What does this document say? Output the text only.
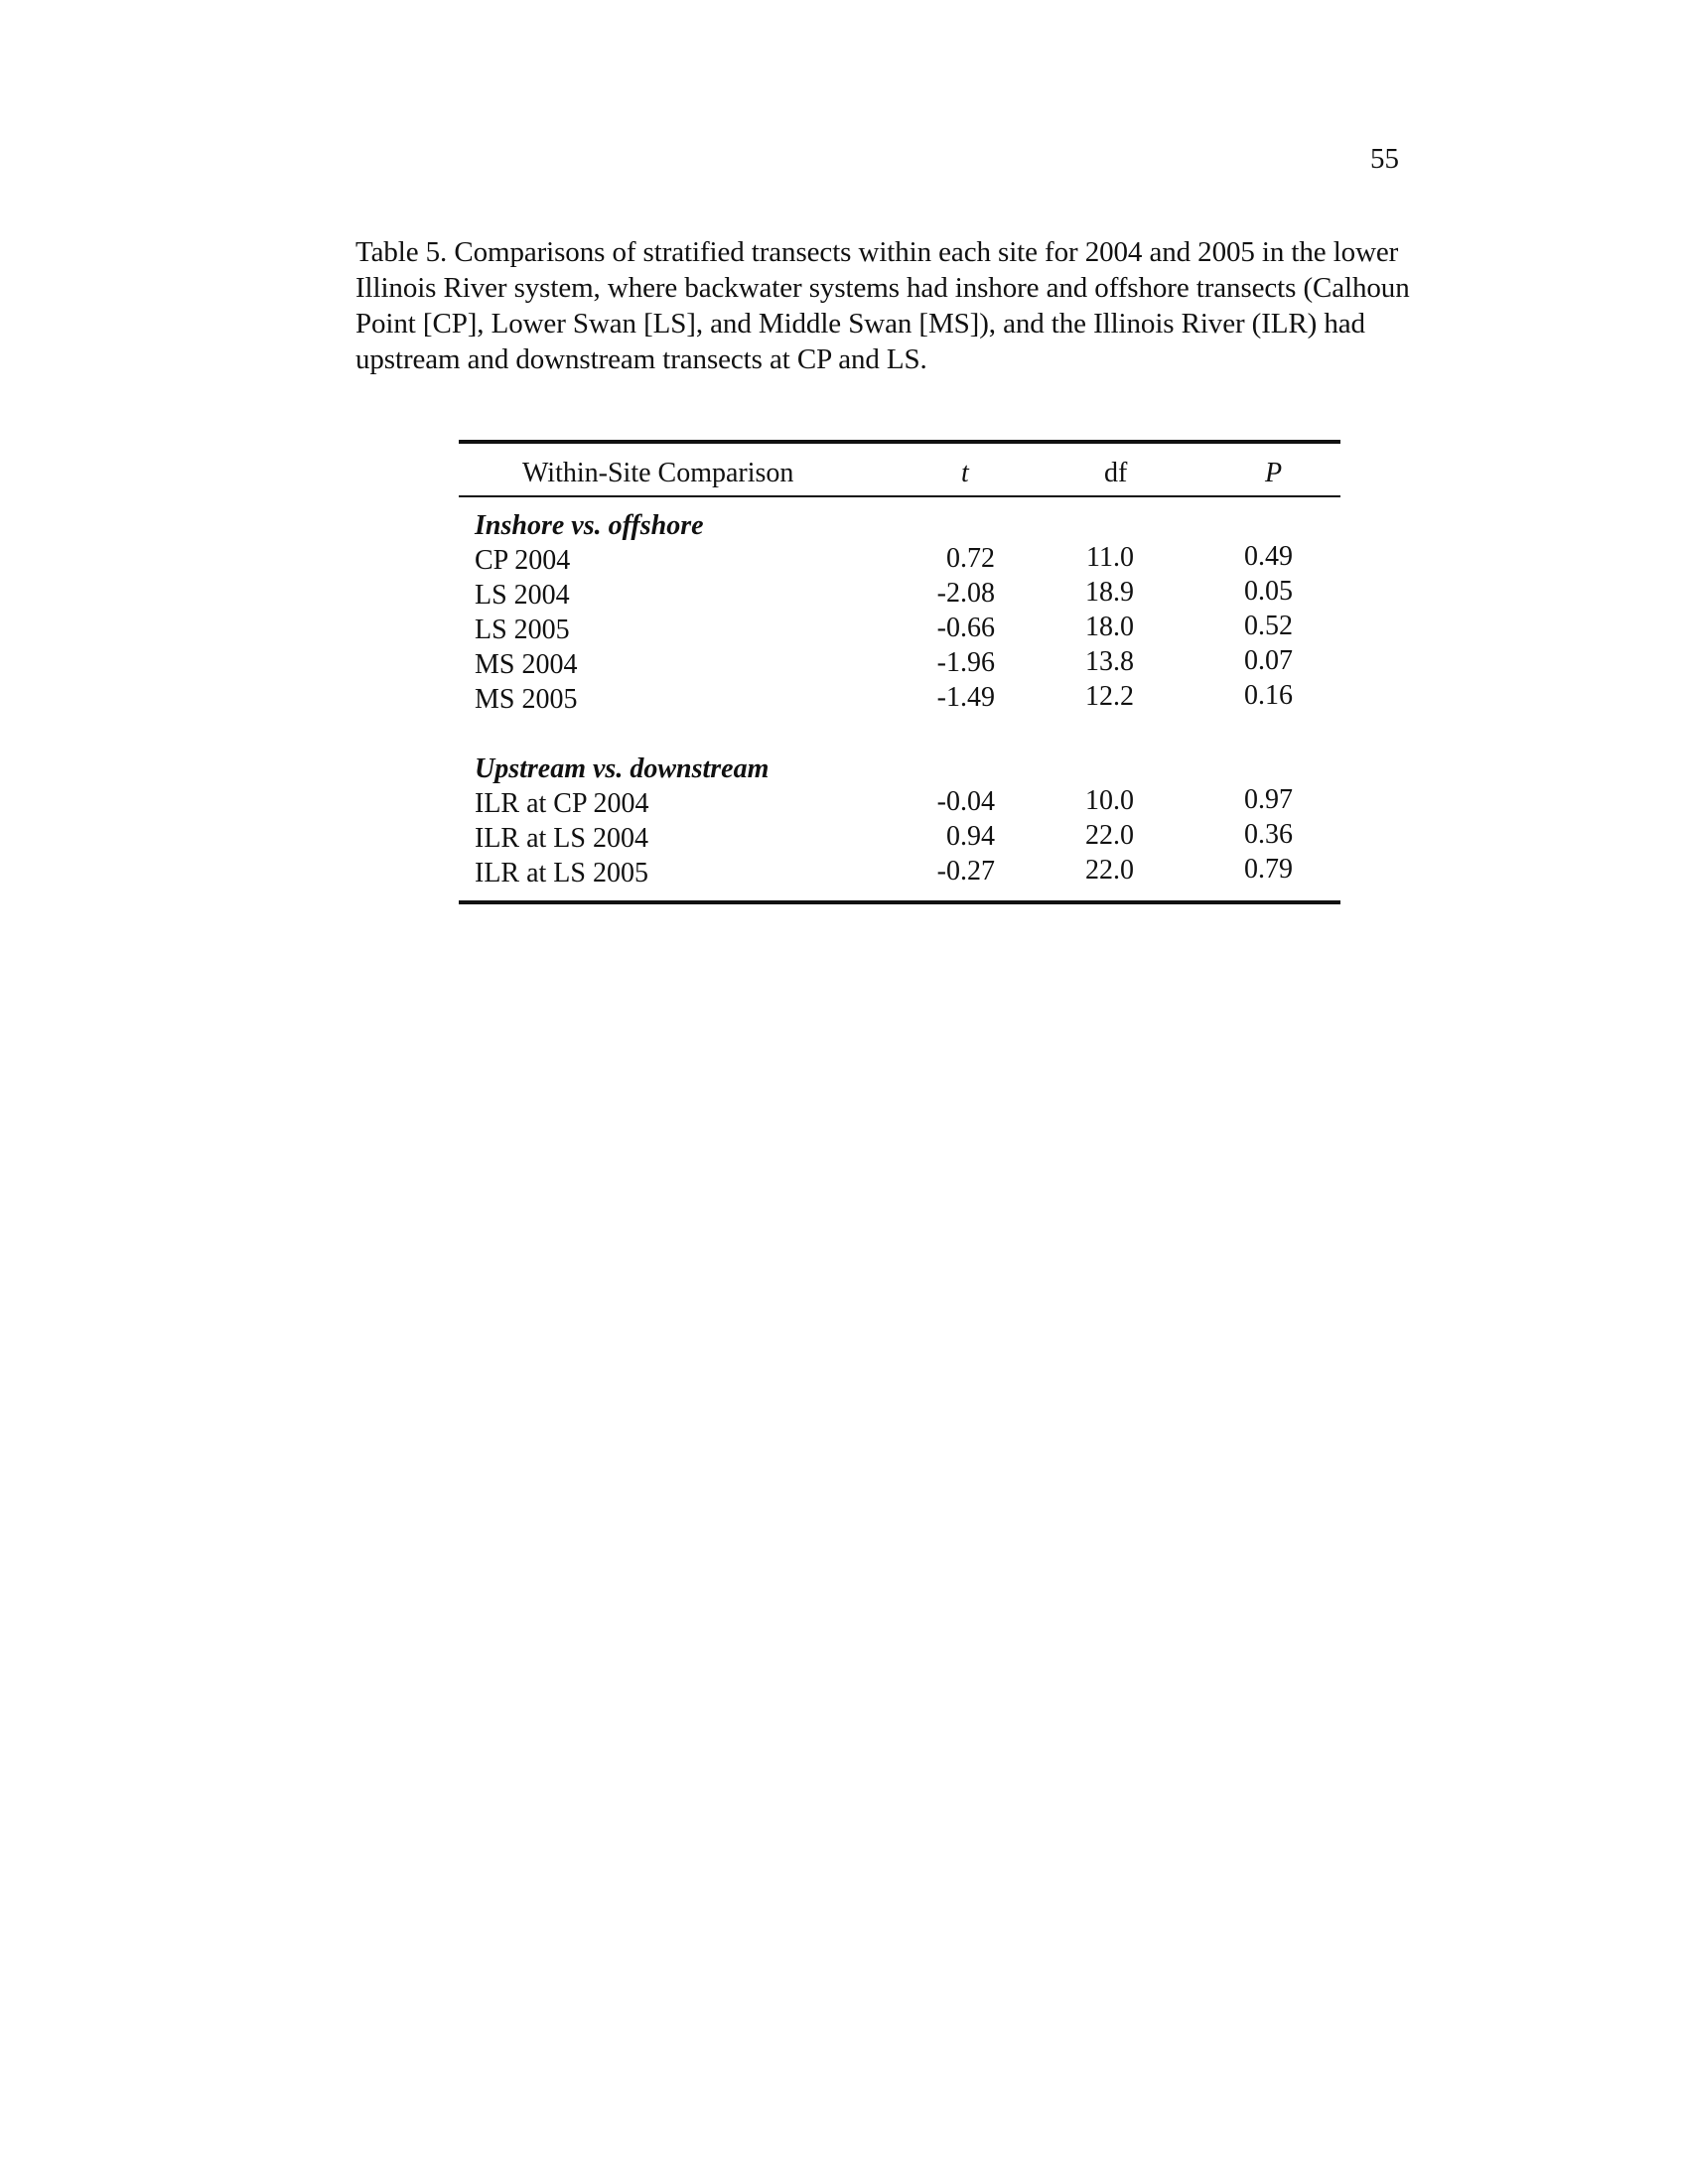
55
Table 5. Comparisons of stratified transects within each site for 2004 and 2005 in the lower Illinois River system, where backwater systems had inshore and offshore transects (Calhoun Point [CP], Lower Swan [LS], and Middle Swan [MS]), and the Illinois River (ILR) had upstream and downstream transects at CP and LS.
Within-Site Comparison	t	df	P
Inshore vs. offshore
CP 2004	0.72	11.0	0.49
LS 2004	-2.08	18.9	0.05
LS 2005	-0.66	18.0	0.52
MS 2004	-1.96	13.8	0.07
MS 2005	-1.49	12.2	0.16
Upstream vs. downstream
ILR at CP 2004	-0.04	10.0	0.97
ILR at LS 2004	0.94	22.0	0.36
ILR at LS 2005	-0.27	22.0	0.79
